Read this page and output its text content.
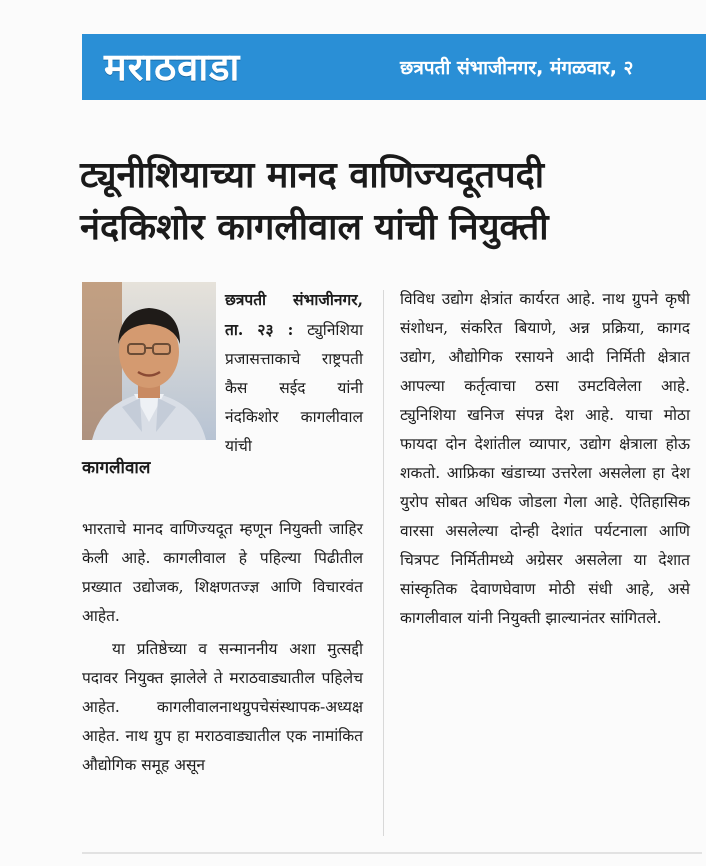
मराठवाडा	छत्रपती संभाजीनगर, मंगळवार, २
ट्यूनीशियाच्या मानद वाणिज्यदूतपदी
नंदकिशोर कागलीवाल यांची नियुक्ती
कागलीवाल

छत्रपती संभाजीनगर, ता. २३ : ट्युनिशिया प्रजासत्ताकाचे राष्ट्रपती कैस सईद यांनी नंदकिशोर कागलीवाल यांची

भारताचे मानद वाणिज्यदूत म्हणून नियुक्ती जाहिर केली आहे. कागलीवाल हे पहिल्या पिढीतील प्रख्यात उद्योजक, शिक्षणतज्ज्ञ आणि विचारवंत आहेत.

या प्रतिष्ठेच्या व सन्माननीय अशा मुत्सद्दी पदावर नियुक्त झालेले ते मराठवाड्यातील पहिलेच आहेत. कागलीवालनाथग्रुपचेसंस्थापक-अध्यक्ष आहेत. नाथ ग्रुप हा मराठवाड्यातील एक नामांकित औद्योगिक समूह असून

विविध उद्योग क्षेत्रांत कार्यरत आहे. नाथ ग्रुपने कृषी संशोधन, संकरित बियाणे, अन्न प्रक्रिया, कागद उद्योग, औद्योगिक रसायने आदी निर्मिती क्षेत्रात आपल्या कर्तृत्वाचा ठसा उमटविलेला आहे. ट्युनिशिया खनिज संपन्न देश आहे. याचा मोठा फायदा दोन देशांतील व्यापार, उद्योग क्षेत्राला होऊ शकतो. आफ्रिका खंडाच्या उत्तरेला असलेला हा देश युरोप सोबत अधिक जोडला गेला आहे. ऐतिहासिक वारसा असलेल्या दोन्ही देशांत पर्यटनाला आणि चित्रपट निर्मितीमध्ये अग्रेसर असलेला या देशात सांस्कृतिक देवाणघेवाण मोठी संधी आहे, असे कागलीवाल यांनी नियुक्ती झाल्यानंतर सांगितले.
